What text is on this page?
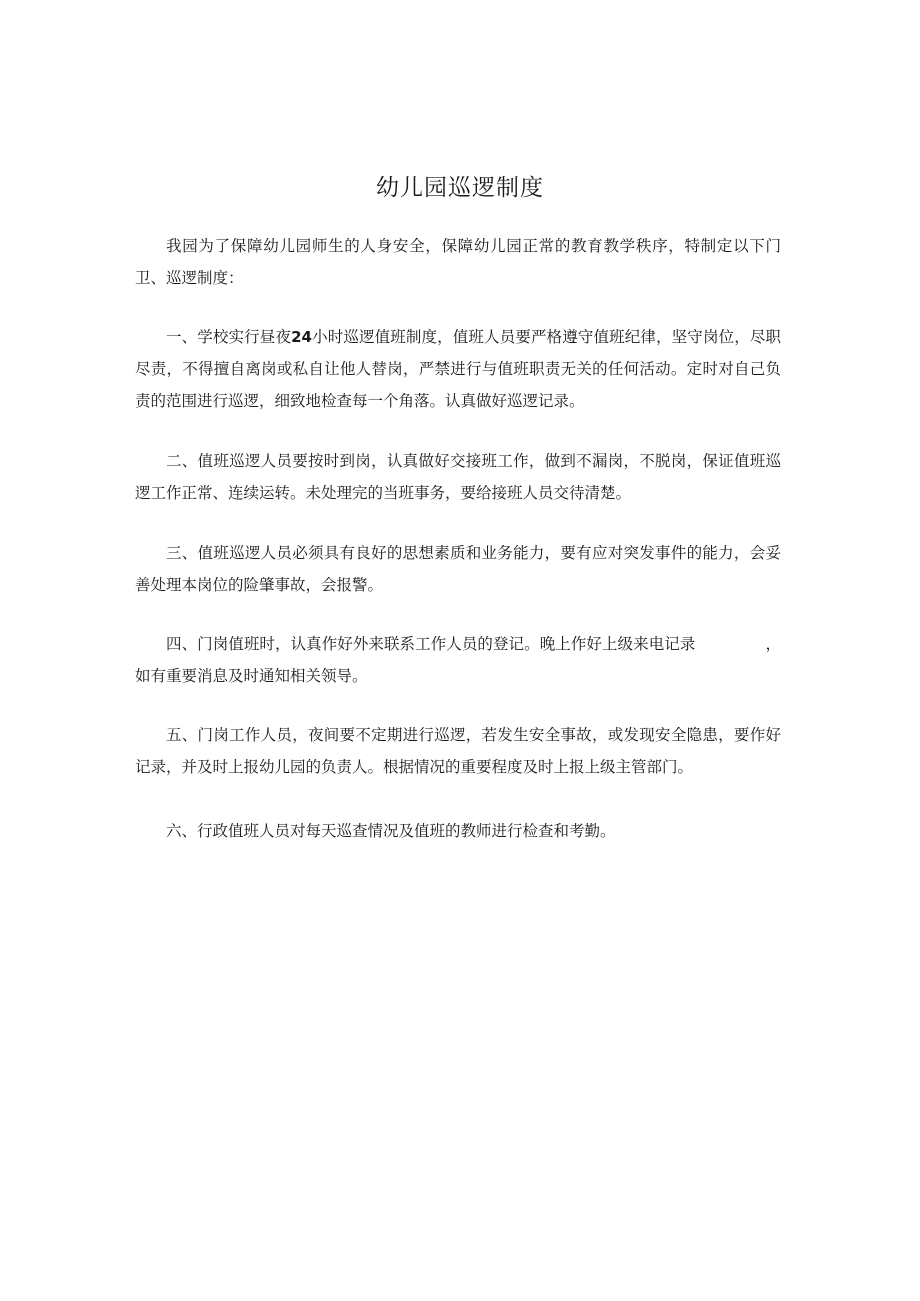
幼儿园巡逻制度

我园为了保障幼儿园师生的人身安全，保障幼儿园正常的教育教学秩序，特制定以下门卫、巡逻制度：

一、学校实行昼夜24小时巡逻值班制度，值班人员要严格遵守值班纪律，坚守岗位，尽职尽责，不得擅自离岗或私自让他人替岗，严禁进行与值班职责无关的任何活动。定时对自己负责的范围进行巡逻，细致地检查每一个角落。认真做好巡逻记录。

二、值班巡逻人员要按时到岗，认真做好交接班工作，做到不漏岗，不脱岗，保证值班巡逻工作正常、连续运转。未处理完的当班事务，要给接班人员交待清楚。

三、值班巡逻人员必须具有良好的思想素质和业务能力，要有应对突发事件的能力，会妥善处理本岗位的险肇事故，会报警。

四、门岗值班时，认真作好外来联系工作人员的登记。晚上作好上级来电记录	，如有重要消息及时通知相关领导。

五、门岗工作人员，夜间要不定期进行巡逻，若发生安全事故，或发现安全隐患，要作好记录，并及时上报幼儿园的负责人。根据情况的重要程度及时上报上级主管部门。

六、行政值班人员对每天巡查情况及值班的教师进行检查和考勤。
